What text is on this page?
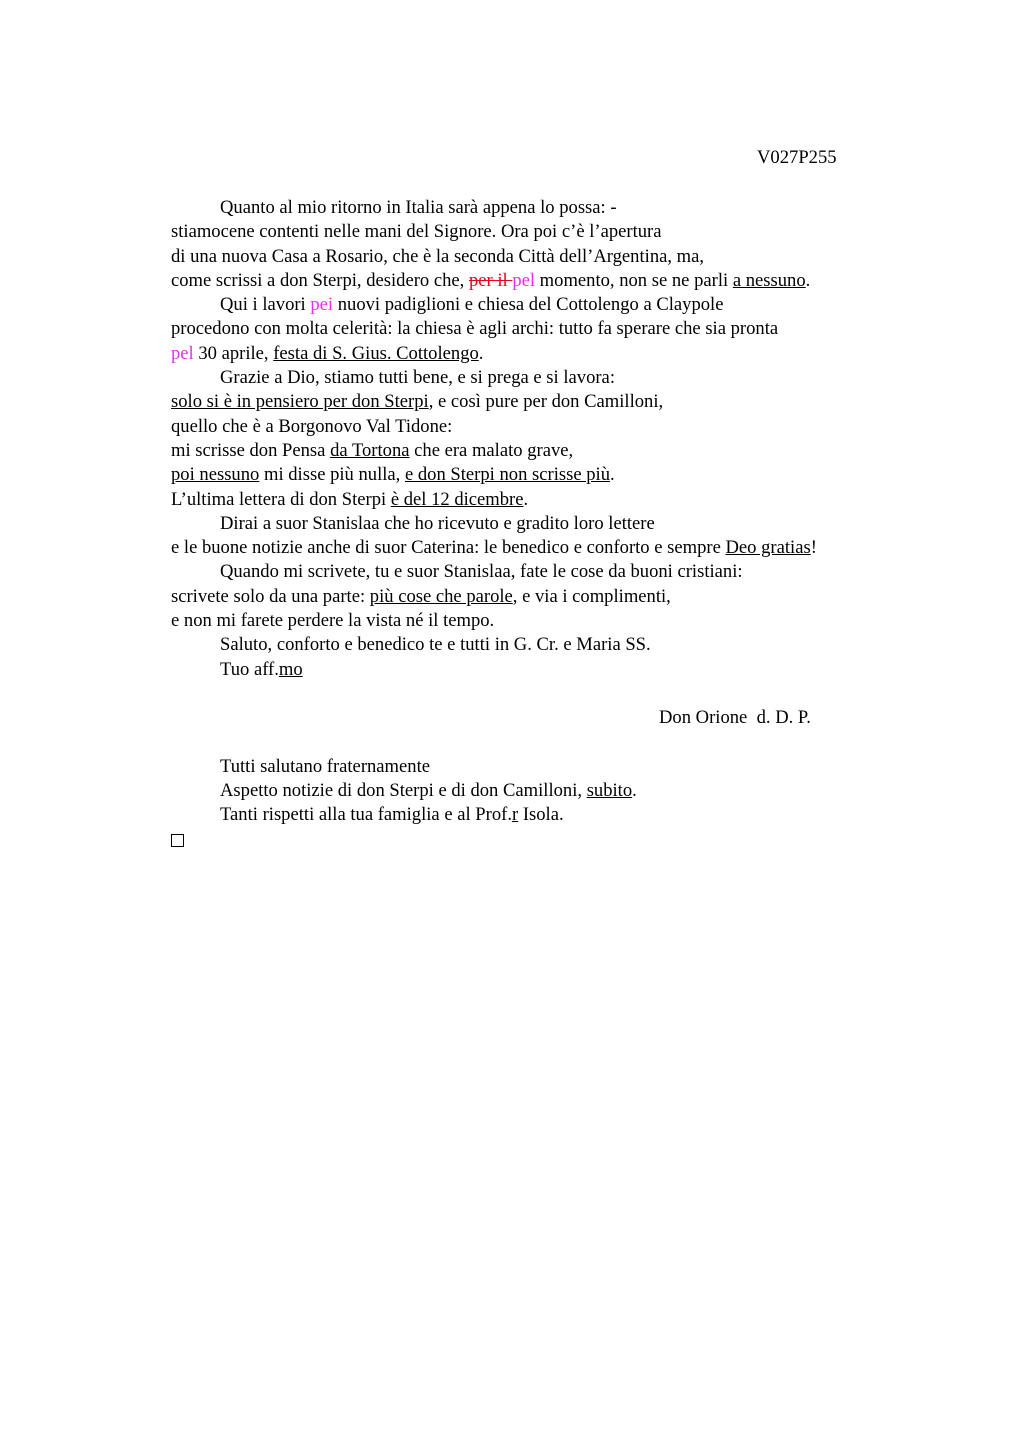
V027P255
Quanto al mio ritorno in Italia sarà appena lo possa: -
stiamocene contenti nelle mani del Signore. Ora poi c’è l’apertura
di una nuova Casa a Rosario, che è la seconda Città dell’Argentina, ma,
come scrissi a don Sterpi, desidero che, per il pel momento, non se ne parli a nessuno.
Qui i lavori pei nuovi padiglioni e chiesa del Cottolengo a Claypole
procedono con molta celerità: la chiesa è agli archi: tutto fa sperare che sia pronta
pel 30 aprile, festa di S. Gius. Cottolengo.
Grazie a Dio, stiamo tutti bene, e si prega e si lavora:
solo si è in pensiero per don Sterpi, e così pure per don Camilloni,
quello che è a Borgonovo Val Tidone:
mi scrisse don Pensa da Tortona che era malato grave,
poi nessuno mi disse più nulla, e don Sterpi non scrisse più.
L’ultima lettera di don Sterpi è del 12 dicembre.
Dirai a suor Stanislaa che ho ricevuto e gradito loro lettere
e le buone notizie anche di suor Caterina: le benedico e conforto e sempre Deo gratias!
Quando mi scrivete, tu e suor Stanislaa, fate le cose da buoni cristiani:
scrivete solo da una parte: più cose che parole, e via i complimenti,
e non mi farete perdere la vista né il tempo.
Saluto, conforto e benedico te e tutti in G. Cr. e Maria SS.
Tuo aff.mo
Don Orione  d. D. P.
Tutti salutano fraternamente
Aspetto notizie di don Sterpi e di don Camilloni, subito.
Tanti rispetti alla tua famiglia e al Prof.r Isola.
